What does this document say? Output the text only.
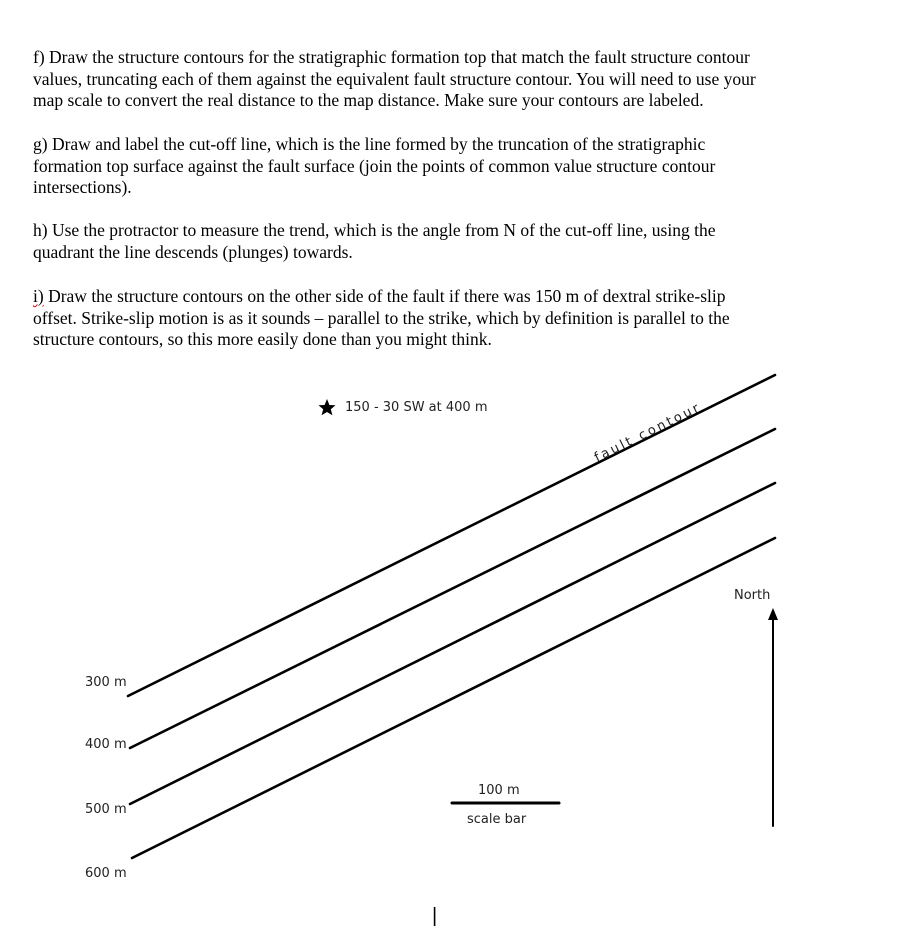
f) Draw the structure contours for the stratigraphic formation top that match the fault structure contour
values, truncating each of them against the equivalent fault structure contour. You will need to use your
map scale to convert the real distance to the map distance. Make sure your contours are labeled.
g) Draw and label the cut-off line, which is the line formed by the truncation of the stratigraphic
formation top surface against the fault surface (join the points of common value structure contour
intersections).
h) Use the protractor to measure the trend, which is the angle from N of the cut-off line, using the
quadrant the line descends (plunges) towards.
i) Draw the structure contours on the other side of the fault if there was 150 m of dextral strike-slip
offset. Strike-slip motion is as it sounds – parallel to the strike, which by definition is parallel to the
structure contours, so this more easily done than you might think.
fault contour
150 - 30 SW at 400 m
300 m
400 m
500 m
600 m
100 m
scale bar
North
|
